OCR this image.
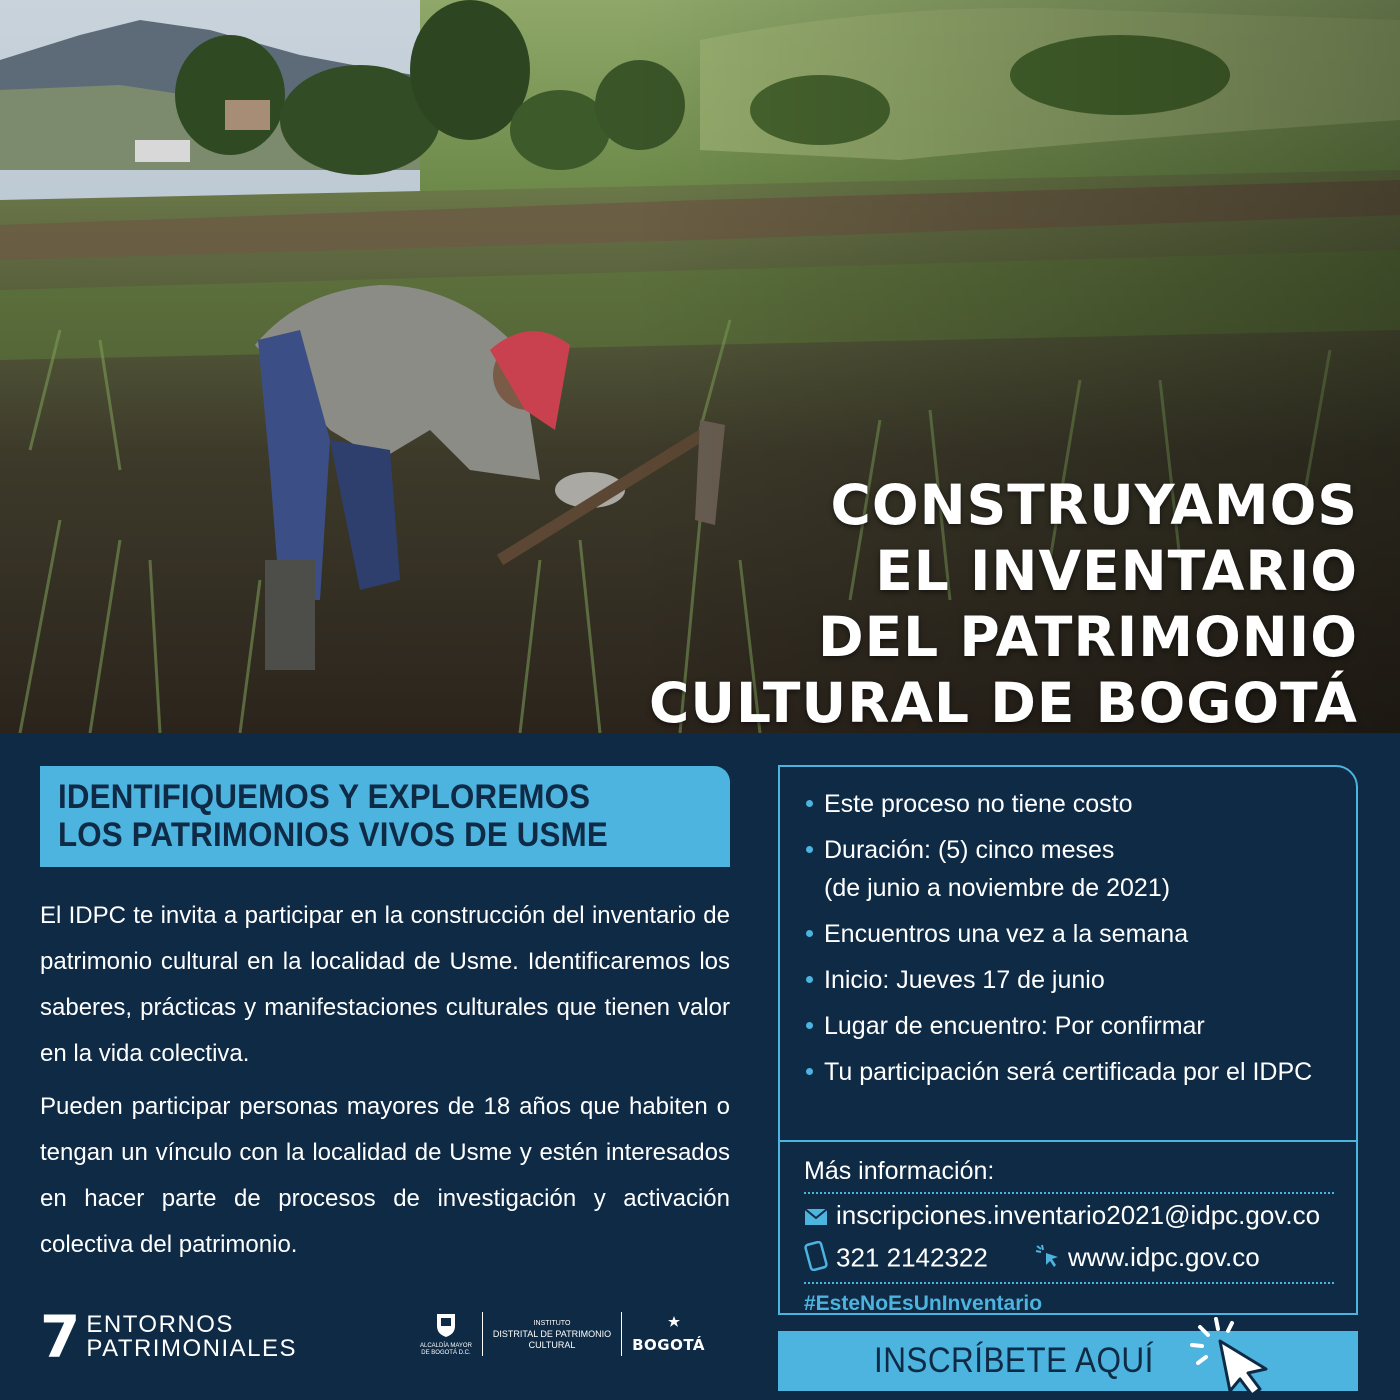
CONSTRUYAMOS
EL INVENTARIO
DEL PATRIMONIO
CULTURAL DE BOGOTÁ
IDENTIFIQUEMOS Y EXPLOREMOS
LOS PATRIMONIOS VIVOS DE USME

El IDPC te invita a participar en la construcción del inventario de patrimonio cultural en la localidad de Usme. Identificaremos los saberes, prácticas y manifestaciones culturales que tienen valor en la vida colectiva.

Pueden participar personas mayores de 18 años que habiten o tengan un vínculo con la localidad de Usme y estén interesados en hacer parte de procesos de investigación y activación colectiva del patrimonio.

Este proceso no tiene costo
Duración: (5) cinco meses
(de junio a noviembre de 2021)
Encuentros una vez a la semana
Inicio: Jueves 17 de junio
Lugar de encuentro: Por confirmar
Tu participación será certificada por el IDPC
Más información:
inscripciones.inventario2021@idpc.gov.co
321 2142322	www.idpc.gov.co
#EsteNoEsUnInventario
INSCRÍBETE AQUÍ
7 ENTORNOS
PATRIMONIALES	ALCALDÍA MAYOR
DE BOGOTÁ D.C.
INSTITUTO
DISTRITAL DE PATRIMONIO
CULTURAL	BOGOTÁ
